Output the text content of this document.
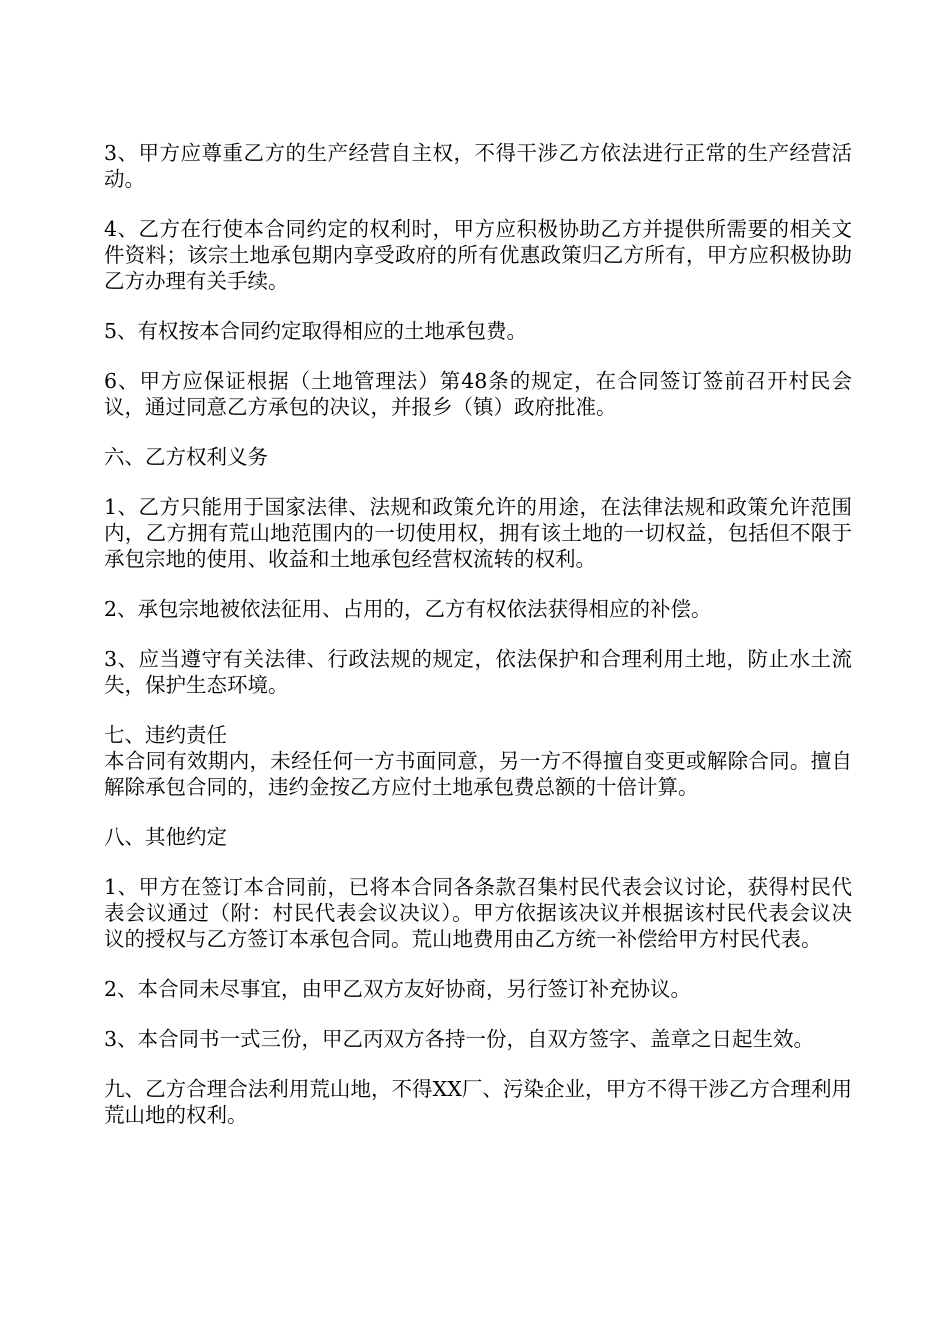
3、甲方应尊重乙方的生产经营自主权，不得干涉乙方依法进行正常的生产经营活动。

4、乙方在行使本合同约定的权利时，甲方应积极协助乙方并提供所需要的相关文件资料；该宗土地承包期内享受政府的所有优惠政策归乙方所有，甲方应积极协助乙方办理有关手续。

5、有权按本合同约定取得相应的土地承包费。

6、甲方应保证根据（土地管理法）第48条的规定，在合同签订签前召开村民会议，通过同意乙方承包的决议，并报乡（镇）政府批准。

六、乙方权利义务

1、乙方只能用于国家法律、法规和政策允许的用途，在法律法规和政策允许范围内，乙方拥有荒山地范围内的一切使用权，拥有该土地的一切权益，包括但不限于承包宗地的使用、收益和土地承包经营权流转的权利。

2、承包宗地被依法征用、占用的，乙方有权依法获得相应的补偿。

3、应当遵守有关法律、行政法规的规定，依法保护和合理利用土地，防止水土流失，保护生态环境。

七、违约责任

本合同有效期内，未经任何一方书面同意，另一方不得擅自变更或解除合同。擅自解除承包合同的，违约金按乙方应付土地承包费总额的十倍计算。

八、其他约定

1、甲方在签订本合同前，已将本合同各条款召集村民代表会议讨论，获得村民代表会议通过（附：村民代表会议决议）。甲方依据该决议并根据该村民代表会议决议的授权与乙方签订本承包合同。荒山地费用由乙方统一补偿给甲方村民代表。

2、本合同未尽事宜，由甲乙双方友好协商，另行签订补充协议。

3、本合同书一式三份，甲乙丙双方各持一份，自双方签字、盖章之日起生效。

九、乙方合理合法利用荒山地，不得XX厂、污染企业，甲方不得干涉乙方合理利用荒山地的权利。
